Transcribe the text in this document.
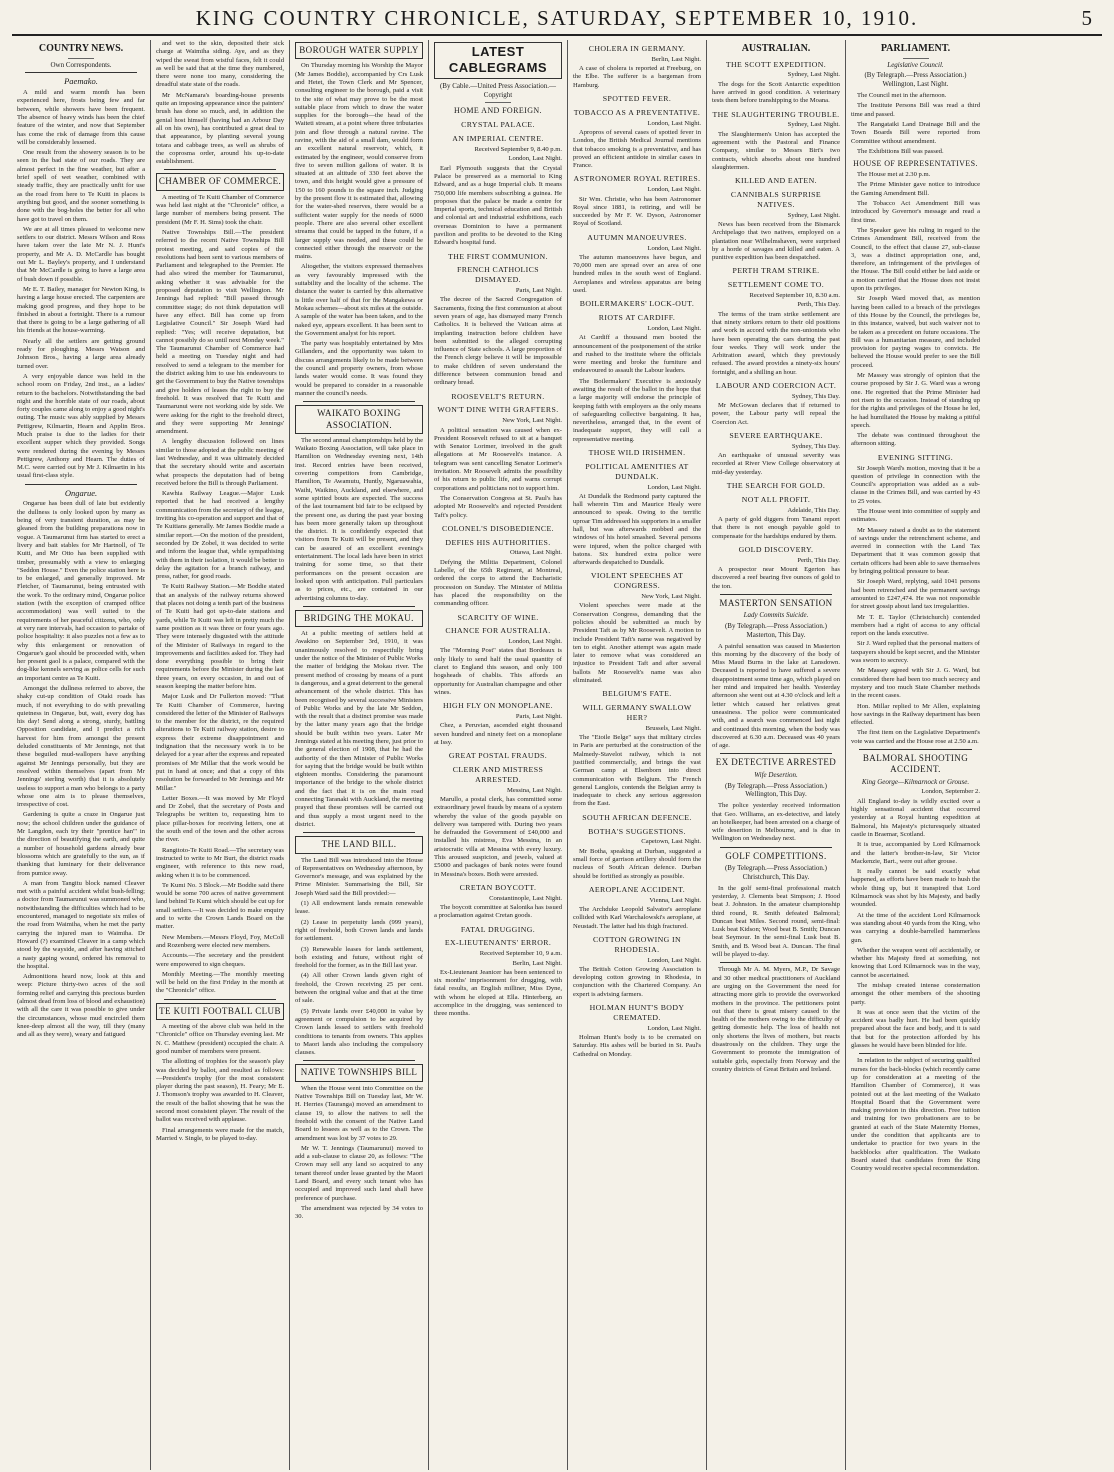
KING COUNTRY CHRONICLE, SATURDAY, SEPTEMBER 10, 1910.	5
COUNTRY NEWS.
Own Correspondents.
Paemako.

A mild and warm month has been experienced here, frosts being few and far between, while showers have been frequent. The absence of heavy winds has been the chief feature of the winter, and now that September has come the risk of damage from this cause will be considerably lessened.

One result from the showery season is to be seen in the bad state of our roads. They are almost perfect in the fine weather, but after a brief spell of wet weather, combined with steady traffic, they are practically unfit for use as the road from here to Te Kuiti in places is anything but good, and the sooner something is done with the bog-holes the better for all who have got to travel on them.

We are at all times pleased to welcome new settlers to our district. Messrs Wilson and Ross have taken over the late Mr N. J. Hunt's property, and Mr A. D. McCardle has bought out Mr L. Bayley's property, and I understand that Mr McCardle is going to have a large area of bush down if possible.

Mr E. T. Bailey, manager for Newton King, is having a large house erected. The carpenters are making good progress, and they hope to be finished in about a fortnight. There is a rumour that there is going to be a large gathering of all his friends at the house-warming.

Nearly all the settlers are getting ground ready for ploughing. Messrs Watson and Johnson Bros., having a large area already turned over.

A very enjoyable dance was held in the school room on Friday, 2nd inst., as a ladies' return to the bachelors. Notwithstanding the bad night and the horrible state of our roads, about forty couples came along to enjoy a good night's outing. The music was ably supplied by Messrs Pettigrew, Kilmartin, Hearn and Applin Bros. Much praise is due to the ladies for their excellent supper which they provided. Songs were rendered during the evening by Messrs Pettigrew, Anthony and Hearn. The duties of M.C. were carried out by Mr J. Kilmartin in his usual first-class style.

Ongarue.

Ongarue has been dull of late but evidently the dullness is only looked upon by many as being of very transient duration, as may be gleaned from the building preparations now in vogue. A Taumarunui firm has started to erect a livery and bait stables for Mr Hartnoll, of Te Kuiti, and Mr Otto has been supplied with timber, presumably with a view to enlarging "Seddon House." Even the police station here is to be enlarged, and generally improved. Mr Fletcher, of Taumarunui, being entrusted with the work. To the ordinary mind, Ongarue police station (with the exception of cramped office accommodation) was well suited to the requirements of her peaceful citizens, who, only at very rare intervals, had occasion to partake of police hospitality: it also puzzles not a few as to why this enlargement or renovation of Ongarue's gaol should be proceeded with, when her present gaol is a palace, compared with the dog-like kennels serving as police cells for such an important centre as Te Kuiti.

Amongst the dullness referred to above, the shaky cut-up condition of Otaki roads has much, if not everything to do with prevailing quietness in Ongarue, but, wait, every dog has his day! Send along a strong, sturdy, battling Opposition candidate, and I predict a rich harvest for him from amongst the present deluded constituents of Mr Jennings, not that these beguiled mud-wallopers have anything against Mr Jennings personally, but they are resolved within themselves (apart from Mr Jennings' sterling worth) that it is absolutely useless to support a man who belongs to a party whose one aim is to please themselves, irrespective of cost.

Gardening is quite a craze in Ongarue just now; the school children under the guidance of Mr Langdon, each try their "prentice han'" in the direction of beautifying the earth, and quite a number of household gardens already bear blossoms which are gratefully to the sun, as if thanking that luminary for their deliverance from pumice sway.

A man from Tangitu block named Cleaver met with a painful accident whilst bush-felling; a doctor from Taumarunui was summoned who, notwithstanding the difficulties which had to be encountered, managed to negotiate six miles of the road from Waimiha, when he met the party carrying the injured man to Waimiha. Dr Howard (?) examined Cleaver in a camp which stood by the wayside, and after having stitched a nasty gaping wound, ordered his removal to the hospital.

Admonitions heard now, look at this and weep: Picture thirty-two acres of the soil forming relief and carrying this precious burden (almost dead from loss of blood and exhaustion) with all the care it was possible to give under the circumstances, whose mud encircled them knee-deep almost all the way, till they (many and all as they were), weary and fatigued

and wet to the skin, deposited their sick charge at Waimiha siding. Aye, and as they wiped the sweat from wistful faces, felt it could as well be said that at the time they numbered, there were none too many, considering the dreadful state state of the roads.

Mr McNamara's boarding-house presents quite an imposing appearance since the painters' brush has done so much, and, in addition the genial host himself (having had an Arbour Day all on his own), has contributed a great deal to that appearance, by planting several young totara and cabbage trees, as well as shrubs of the coprosma order, around his up-to-date establishment.

CHAMBER OF COMMERCE.

A meeting of Te Kuiti Chamber of Commerce was held last night at the "Chronicle" office, a large number of members being present. The president (Mr F. H. Sims) took the chair.

Native Townships Bill.—The president referred to the recent Native Townships Bill protest meeting, and said copies of the resolutions had been sent to various members of Parliament and telegraphed to the Premier. He had also wired the member for Taumarunui, asking whether it was advisable for the proposed deputation to visit Wellington. Mr Jennings had replied: "Bill passed through committee stage; do not think deputation will have any effect. Bill has come up from Legislative Council." Sir Joseph Ward had replied: "Yes; will receive deputation, but cannot possibly do so until next Monday week." The Taumarunui Chamber of Commerce had held a meeting on Tuesday night and had resolved to send a telegram to the member for the district asking him to use his endeavours to get the Government to buy the Native townships and give holders of leases the right to buy the freehold. It was resolved that Te Kuiti and Taumarunui were not working side by side. We were asking for the right to the freehold direct, and they were supporting Mr Jennings' amendment.

A lengthy discussion followed on lines similar to those adopted at the public meeting of last Wednesday, and it was ultimately decided that the secretary should write and ascertain what prospects the deputation had of being received before the Bill is through Parliament.

Kawhia Railway League.—Major Lusk reported that he had received a lengthy communication from the secretary of the league, inviting his co-operation and support and that of Te Kuitians generally. Mr James Boddie made a similar report.—On the motion of the president, seconded by Dr Zobel, it was decided to write and inform the league that, while sympathising with them in their isolation, it would be better to delay the agitation for a branch railway, and press, rather, for good roads.

Te Kuiti Railway Station.—Mr Boddie stated that an analysis of the railway returns showed that places not doing a tenth part of the business of Te Kuiti had got up-to-date stations and yards, while Te Kuiti was left in pretty much the same position as it was three or four years ago. They were intensely disgusted with the attitude of the Minister of Railways in regard to the improvements and facilities asked for. They had done everything possible to bring their requirements before the Minister during the last three years, on every occasion, in and out of season keeping the matter before him.

Major Lusk and Dr Fullerton moved: "That Te Kuiti Chamber of Commerce, having considered the letter of the Minister of Railways to the member for the district, re the required alterations to Te Kuiti railway station, desire to express their extreme disappointment and indignation that the necessary work is to be delayed for a year after the express and repeated promises of Mr Millar that the work would be put in hand at once; and that a copy of this resolution be forwarded to Mr Jennings and Mr Millar."

Letter Boxes.—It was moved by Mr Floyd and Dr Zobel, that the secretary of Posts and Telegraphs be written to, requesting him to place pillar-boxes for receiving letters, one at the south end of the town and the other across the river.

Rangitoto-Te Kuiti Road.—The secretary was instructed to write to Mr Burt, the district roads engineer, with reference to this new road, asking when it is to be commenced.

Te Kumi No. 3 Block.—Mr Boddie said there would be some 700 acres of native government land behind Te Kumi which should be cut up for small settlers.—It was decided to make enquiry and to write the Crown Lands Board on the matter.

New Members.—Messrs Floyd, Foy, McColl and Rozenberg were elected new members.

Accounts.—The secretary and the president were empowered to sign cheques.

Monthly Meeting.—The monthly meeting will be held on the first Friday in the month at the "Chronicle" office.

TE KUITI FOOTBALL CLUB

A meeting of the above club was held in the "Chronicle" office on Thursday evening last. Mr N. C. Matthew (president) occupied the chair. A good number of members were present.

The allotting of trophies for the season's play was decided by ballot, and resulted as follows:—President's trophy (for the most consistent player during the past season), H. Feary; Mr E. J. Thomson's trophy was awarded to H. Cleaver, the result of the ballot showing that he was the second most consistent player. The result of the ballot was received with applause.

Final arrangements were made for the match, Married v. Single, to be played to-day.

BOROUGH WATER SUPPLY

On Thursday morning his Worship the Mayor (Mr James Boddie), accompanied by Crs Lusk and Hetet, the Town Clerk and Mr Spencer, consulting engineer to the borough, paid a visit to the site of what may prove to be the most suitable place from which to draw the water supplies for the borough—the head of the Waiteti stream, at a point where three tributaries join and flow through a natural ravine. The ravine, with the aid of a small dam, would form an excellent natural reservoir, which, it estimated by the engineer, would conserve from five to seven million gallons of water. It is situated at an altitude of 330 feet above the town, and this height would give a pressure of 150 to 160 pounds to the square inch. Judging by the present flow it is estimated that, allowing for the water-shed reserves, there would be a sufficient water supply for the needs of 6000 people. There are also several other excellent streams that could be tapped in the future, if a larger supply was needed, and these could be connected either through the reservoir or the mains.

Altogether, the visitors expressed themselves as very favourably impressed with the suitability and the locality of the scheme. The distance the water is carried by this alternative is little over half of that for the Mangakewa or Mokau schemes—about six miles at the outside. A sample of the water has been taken, and to the naked eye, appears excellent. It has been sent to the Government analyst for his report.

The party was hospitably entertained by Mrs Gillanders, and the opportunity was taken to discuss arrangements likely to be made between the council and property owners, from whose lands water would come. It was found they would be prepared to consider in a reasonable manner the council's needs.

WAIKATO BOXING ASSOCIATION.

The second annual championships held by the Waikato Boxing Association, will take place in Hamilton on Wednesday evening next, 14th inst. Record entries have been received, covering competitors from Cambridge, Hamilton, Te Awamutu, Huntly, Ngaruawahia, Waihi, Waikino, Auckland, and elsewhere, and some spirited bouts are expected. The success of the last tournament bid fair to be eclipsed by the present one, as during the past year boxing has been more generally taken up throughout the district. It is confidently expected that visitors from Te Kuiti will be present, and they can be assured of an excellent evening's entertainment. The local lads have been in strict training for some time, so that their performances on the present occasion are looked upon with anticipation. Full particulars as to prices, etc., are contained in our advertising columns to-day.

BRIDGING THE MOKAU.

At a public meeting of settlers held at Awakino on September 3rd, 1910, it was unanimously resolved to respectfully bring under the notice of the Minister of Public Works the matter of bridging the Mokau river. The present method of crossing by means of a punt is dangerous, and a great deterrent to the general advancement of the whole district. This has been recognised by several successive Ministers of Public Works and by the late Mr Seddon, with the result that a distinct promise was made by the latter many years ago that the bridge should be built within two years. Later Mr Jennings stated at his meeting there, just prior to the general election of 1908, that he had the authority of the then Minister of Public Works for saying that the bridge would be built within eighteen months. Considering the paramount importance of the bridge to the whole district and the fact that it is on the main road connecting Taranaki with Auckland, the meeting prayed that these promises will be carried out and thus supply a most urgent need to the district.

THE LAND BILL.

The Land Bill was introduced into the House of Representatives on Wednesday afternoon, by Governor's message, and was explained by the Prime Minister. Summarising the Bill, Sir Joseph Ward said the Bill provided:—

(1) All endowment lands remain renewable lease.

(2) Lease in perpetuity lands (999 years), right of freehold, both Crown lands and lands for settlement.

(3) Renewable leases for lands settlement, both existing and future, without right of freehold for the former, as in the Bill last year.

(4) All other Crown lands given right of freehold, the Crown receiving 25 per cent. between the original value and that at the time of sale.

(5) Private lands over £40,000 in value by agreement or compulsion to be acquired by Crown lands lessed to settlers with freehold conditions to tenants from owners. This applies to Maori lands also including the compulsory clauses.

NATIVE TOWNSHIPS BILL

When the House went into Committee on the Native Townships Bill on Tuesday last, Mr W. H. Herries (Tauranga) moved an amendment to clause 19, to allow the natives to sell the freehold with the consent of the Native Land Board to lessees as well as to the Crown. The amendment was lost by 37 votes to 29.

Mr W. T. Jennings (Taumarunui) moved to add a sub-clause to clause 20, as follows: "The Crown may sell any land so acquired to any tenant thereof under lease granted by the Maori Land Board, and every such tenant who has occupied and improved such land shall have preference of purchase.

The amendment was rejected by 34 votes to 30.

LATEST CABLEGRAMS
(By Cable.—United Press Association.—Copyright
HOME AND FOREIGN.
CRYSTAL PALACE.
AN IMPERIAL CENTRE.
Received September 9, 8.40 p.m.
London, Last Night.

Earl Plymouth suggests that the Crystal Palace be preserved as a memorial to King Edward, and as a huge Imperial club. It means 750,000 life members subscribing a guinea. He proposes that the palace be made a centre for Imperial sports, technical education and British and colonial art and industrial exhibitions, each overseas Dominion to have a permanent pavilion and profits to be devoted to the King Edward's hospital fund.

THE FIRST COMMUNION.
FRENCH CATHOLICS DISMAYED.
Paris, Last Night.

The decree of the Sacred Congregation of Sacraments, fixing the first communion at about seven years of age, has dismayed many French Catholics. It is believed the Vatican aims at implanting instruction before children have been submitted to the alleged corrupting influence of State schools. A large proportion of the French clergy believe it will be impossible to make children of seven understand the difference between communion bread and ordinary bread.

ROOSEVELT'S RETURN.
WON'T DINE WITH GRAFTERS.
New York, Last Night.

A political sensation was caused when ex-President Roosevelt refused to sit at a banquet with Senator Lorimer, involved in the graft allegations at Mr Roosevelt's instance. A telegram was sent cancelling Senator Lorimer's invitation. Mr Roosevelt admits the possibility of his return to public life, and warns corrupt corporations and politicians not to support him.

The Conservation Congress at St. Paul's has adopted Mr Roosevelt's and rejected President Taft's policy.

COLONEL'S DISOBEDIENCE.
DEFIES HIS AUTHORITIES.
Ottawa, Last Night.

Defying the Militia Department, Colonel Labelle, of the 65th Regiment, at Montreal, ordered the corps to attend the Eucharistic procession on Sunday. The Minister of Militia has placed the responsibility on the commanding officer.

SCARCITY OF WINE.
CHANCE FOR AUSTRALIA.
London, Last Night.

The "Morning Post" states that Bordeaux is only likely to send half the usual quantity of claret to England this season, and only 100 hogsheads of chablis. This affords an opportunity for Australian champagne and other wines.

HIGH FLY ON MONOPLANE.
Paris, Last Night.

Chez, a Peruvian, ascended eight thousand seven hundred and ninety feet on a monoplane at Issy.

GREAT POSTAL FRAUDS.
CLERK AND MISTRESS ARRESTED.
Messina, Last Night.

Marullo, a postal clerk, has committed some extraordinary jewel frauds by means of a system whereby the value of the goods payable on delivery was tampered with. During two years he defrauded the Government of £40,000 and installed his mistress, Eva Messina, in an aristocratic villa at Messina with every luxury. This aroused suspicion, and jewels, valued at £5000 and packages of bank notes were found in Messina's boxes. Both were arrested.

CRETAN BOYCOTT.
Constantinople, Last Night.

The boycott committee at Salonika has issued a proclamation against Cretan goods.

FATAL DRUGGING.
EX-LIEUTENANTS' ERROR.
Received September 10, 9 a.m.
Berlin, Last Night.

Ex-Lieutenant Jeanicer has been sentenced to six months' imprisonment for drugging, with fatal results, an English milliner, Miss Dyne, with whom he eloped at Ella. Hinterberg, an accomplice in the drugging, was sentenced to three months.

CHOLERA IN GERMANY.
Berlin, Last Night.

A case of cholera is reported at Freeburg, on the Elbe. The sufferer is a bargeman from Hamburg.

SPOTTED FEVER.
TOBACCO AS A PREVENTATIVE.
London, Last Night.

Apropros of several cases of spotted fever in London, the British Medical Journal mentions that tobacco smoking is a preventative, and has proved an efficient antidote in similar cases in France.

ASTRONOMER ROYAL RETIRES.
London, Last Night.

Sir Wm. Christie, who has been Astronomer Royal since 1881, is retiring, and will be succeeded by Mr F. W. Dyson, Astronomer Royal of Scotland.

AUTUMN MANOEUVRES.
London, Last Night.

The autumn manoeuvres have begun, and 70,000 men are spread over an area of one hundred miles in the south west of England. Aeroplanes and wireless apparatus are being used.

BOILERMAKERS' LOCK-OUT.
RIOTS AT CARDIFF.
London, Last Night.

At Cardiff a thousand men booted the announcement of the postponement of the strike and rushed to the institute where the officials were meeting and broke the furniture and endeavoured to assault the Labour leaders.

The Boilermakers' Executive is anxiously awaiting the result of the ballot in the hope that a large majority will endorse the principle of keeping faith with employers as the only means of safeguarding collective bargaining. It has, nevertheless, arranged that, in the event of inadequate support, they will call a representative meeting.

THOSE WILD IRISHMEN.
POLITICAL AMENITIES AT DUNDALK.
London, Last Night.

At Dundalk the Redmond party captured the hall wherein Tim and Maurice Healy were announced to speak. Owing to the terrific uproar Tim addressed his supporters in a smaller hall, but was afterwards mobbed and the windows of his hotel smashed. Several persons were injured, when the police charged with batons. Six hundred extra police were afterwards despatched to Dundalk.

VIOLENT SPEECHES AT CONGRESS.
New York, Last Night.

Violent speeches were made at the Conservation Congress, demanding that the policies should be submitted as much by President Taft as by Mr Roosevelt. A motion to include President Taft's name was negatived by ten to eight. Another attempt was again made later to remove what was considered an injustice to President Taft and after several ballots Mr Roosevelt's name was also eliminated.

BELGIUM'S FATE.
WILL GERMANY SWALLOW HER?
Brussels, Last Night.

The "Etoile Belge" says that military circles in Paris are perturbed at the construction of the Malmedy-Stavelot railway, which is not justified commercially, and brings the vast German camp at Elsenborn into direct communication with Belgium. The French general Langlois, contends the Belgian army is inadequate to check any serious aggression from the East.

SOUTH AFRICAN DEFENCE.
BOTHA'S SUGGESTIONS.
Capetown, Last Night.

Mr Botha, speaking at Durban, suggested a small force of garrison artillery should form the nucleus of South African defence. Durban should be fortified as strongly as possible.

AEROPLANE ACCIDENT.
Vienna, Last Night.

The Archduke Leopold Salvator's aeroplane collided with Karl Warchalowski's aeroplane, at Neustadt. The latter had his thigh fractured.

COTTON GROWING IN RHODESIA.
London, Last Night.

The British Cotton Growing Association is developing cotton growing in Rhodesia, in conjunction with the Chartered Company. An expert is advising farmers.

HOLMAN HUNT'S BODY CREMATED.
London, Last Night.

Holman Hunt's body is to be cremated on Saturday. His ashes will be buried in St. Paul's Cathedral on Monday.

AUSTRALIAN.
THE SCOTT EXPEDITION.
Sydney, Last Night.

The dogs for the Scott Antarctic expedition have arrived in good condition. A veterinary tests them before transhipping to the Moana.

THE SLAUGHTERING TROUBLE.
Sydney, Last Night.

The Slaughtermen's Union has accepted the agreement with the Pastoral and Finance Company, similar to Messrs Birt's two contracts, which absorbs about one hundred slaughtermen.

KILLED AND EATEN.
CANNIBALS SURPRISE NATIVES.
Sydney, Last Night.

News has been received from the Bismarck Archipelago that two natives, employed on a plantation near Wilhelmshaven, were surprised by a horde of savages and killed and eaten. A punitive expedition has been despatched.

PERTH TRAM STRIKE.
SETTLEMENT COME TO.
Received September 10, 8.30 a.m.
Perth, This Day.

The terms of the tram strike settlement are that ninety strikers return to their old positions and work in accord with the non-unionists who have been operating the cars during the past four weeks. They will work under the Arbitration award, which they previously refused. The award provides a ninety-six hours' fortnight, and a shilling an hour.

LABOUR AND COERCION ACT.
Sydney, This Day.

Mr McGowan declares that if returned to power, the Labour party will repeal the Coercion Act.

SEVERE EARTHQUAKE.
Sydney, This Day.

An earthquake of unusual severity was recorded at River View College observatory at mid-day yesterday.

THE SEARCH FOR GOLD.
NOT ALL PROFIT.
Adelaide, This Day.

A party of gold diggers from Tanami report that there is not enough payable gold to compensate for the hardships endured by them.

GOLD DISCOVERY.
Perth, This Day.

A prospector near Mount Egerton has discovered a reef bearing five ounces of gold to the ton.

MASTERTON SENSATION
Lady Commits Suicide.
(By Telegraph.—Press Association.) Masterton, This Day.

A painful sensation was caused in Masterton this morning by the discovery of the body of Miss Maud Burns in the lake at Lansdown. Deceased is reported to have suffered a severe disappointment some time ago, which played on her mind and impaired her health. Yesterday afternoon she went out at 4.30 o'clock and left a letter which caused her relatives great uneasiness. The police were communicated with, and a search was commenced last night and continued this morning, when the body was discovered at 6.30 a.m. Deceased was 40 years of age.

EX DETECTIVE ARRESTED
Wife Desertion.
(By Telegraph.—Press Association.) Wellington, This Day.

The police yesterday received information that Geo. Williams, an ex-detective, and lately an hotelkeeper, had been arrested on a charge of wife desertion in Melbourne, and is due in Wellington on Wednesday next.

GOLF COMPETITIONS.
(By Telegraph.—Press Association.) Christchurch, This Day.

In the golf semi-final professional match yesterday, J. Clements beat Simpson; J. Hood beat J. Johnston. In the amateur championship third round, R. Smith defeated Balmoral; Duncan beat Miles. Second round, semi-final: Lusk beat Kidson; Wood beat B. Smith; Duncan beat Seymour. In the semi-final Lusk beat B. Smith, and B. Wood beat A. Duncan. The final will be played to-day.

Through Mr A. M. Myers, M.P., Dr Savage and 30 other medical practitioners of Auckland are urging on the Government the need for attracting more girls to provide the overworked mothers in the province. The petitioners point out that there is great misery caused to the health of the mothers owing to the difficulty of getting domestic help. The loss of health not only shortens the lives of mothers, but reacts disastrously on the children. They urge the Government to promote the immigration of suitable girls, especially from Norway and the country districts of Great Britain and Ireland.

PARLIAMENT.
Legislative Council.
(By Telegraph.—Press Association.) Wellington, Last Night.

The Council met in the afternoon.

The Institute Persons Bill was read a third time and passed.

The Rangataiki Land Drainage Bill and the Town Boards Bill were reported from Committee without amendment.

The Exhibitions Bill was passed.

HOUSE OF REPRESENTATIVES.

The House met at 2.30 p.m.

The Prime Minister gave notice to introduce the Gaming Amendment Bill.

The Tobacco Act Amendment Bill was introduced by Governor's message and read a first time.

The Speaker gave his ruling in regard to the Crimes Amendment Bill, received from the Council, to the effect that clause 27, sub-clause 3, was a distinct appropriation one, and, therefore, an infringement of the privileges of the House. The Bill could either be laid aside or a motion carried that the House does not insist upon its privileges.

Sir Joseph Ward moved that, as mention having been called to a breach of the privileges of this House by the Council, the privileges be, in this instance, waived, but such waiver not to be taken as a precedent on future occasions. The Bill was a humanitarian measure, and included provision for paying wages to convicts. He believed the House would prefer to see the Bill proceed.

Mr Massey was strongly of opinion that the course proposed by Sir J. G. Ward was a wrong one. He regretted that the Prime Minister had not risen to the occasion. Instead of standing up for the rights and privileges of the House he led, he had humiliated the House by making a pitiful speech.

The debate was continued throughout the afternoon sitting.

EVENING SITTING.

Sir Joseph Ward's motion, moving that it be a question of privilege in connection with the Council's appropriation was added as a sub-clause in the Crimes Bill, and was carried by 43 to 25 votes.

The House went into committee of supply and estimates.

Mr Massey raised a doubt as to the statement of savings under the retrenchment scheme, and averred in connection with the Land Tax Department that it was common gossip that certain officers had been able to save themselves by bringing political pressure to bear.

Sir Joseph Ward, replying, said 1041 persons had been retrenched and the permanent savings amounted to £247,474. He was not responsible for street gossip about land tax irregularities.

Mr T. E. Taylor (Christchurch) contended members had a right of access to any official report on the lands executive.

Sir J. Ward replied that the personal matters of taxpayers should be kept secret, and the Minister was sworn to secrecy.

Mr Massey agreed with Sir J. G. Ward, but considered there had been too much secrecy and mystery and too much State Chamber methods in the recent cases.

Hon. Millar replied to Mr Allen, explaining how savings in the Railway department has been effected.

The first item on the Legislative Department's vote was carried and the House rose at 2.50 a.m.

BALMORAL SHOOTING ACCIDENT.
King George—Kilmarnock or Grouse.
London, September 2.

All England to-day is wildly excited over a highly sensational accident that occurred yesterday at a Royal hunting expedition at Balmoral, his Majesty's picturesquely situated castle in Braemar, Scotland.

It is true, accompanied by Lord Kilmarnock and the latter's brother-in-law, Sir Victor Mackenzie, Bart., were out after grouse.

It really cannot be said exactly what happened, as efforts have been made to hush the whole thing up, but it transpired that Lord Kilmarnock was shot by his Majesty, and badly wounded.

At the time of the accident Lord Kilmarnock was standing about 40 yards from the King, who was carrying a double-barrelled hammerless gun.

Whether the weapon went off accidentally, or whether his Majesty fired at something, not knowing that Lord Kilmarnock was in the way, cannot be ascertained.

The mishap created intense consternation amongst the other members of the shooting party.

It was at once seen that the victim of the accident was badly hurt. He had been quickly prepared about the face and body, and it is said that but for the protection afforded by his glasses he would have been blinded for life.

In relation to the subject of securing qualified nurses for the back-blocks (which recently came up for consideration at a meeting of the Hamilton Chamber of Commerce), it was pointed out at the last meeting of the Waikato Hospital Board that the Government were making provision in this direction. Free tuition and training for two probationers are to be granted at each of the State Maternity Homes, under the condition that applicants are to undertake to practice for two years in the backblocks after qualification. The Waikato Board stated that candidates from the King Country would receive special recommendation.
